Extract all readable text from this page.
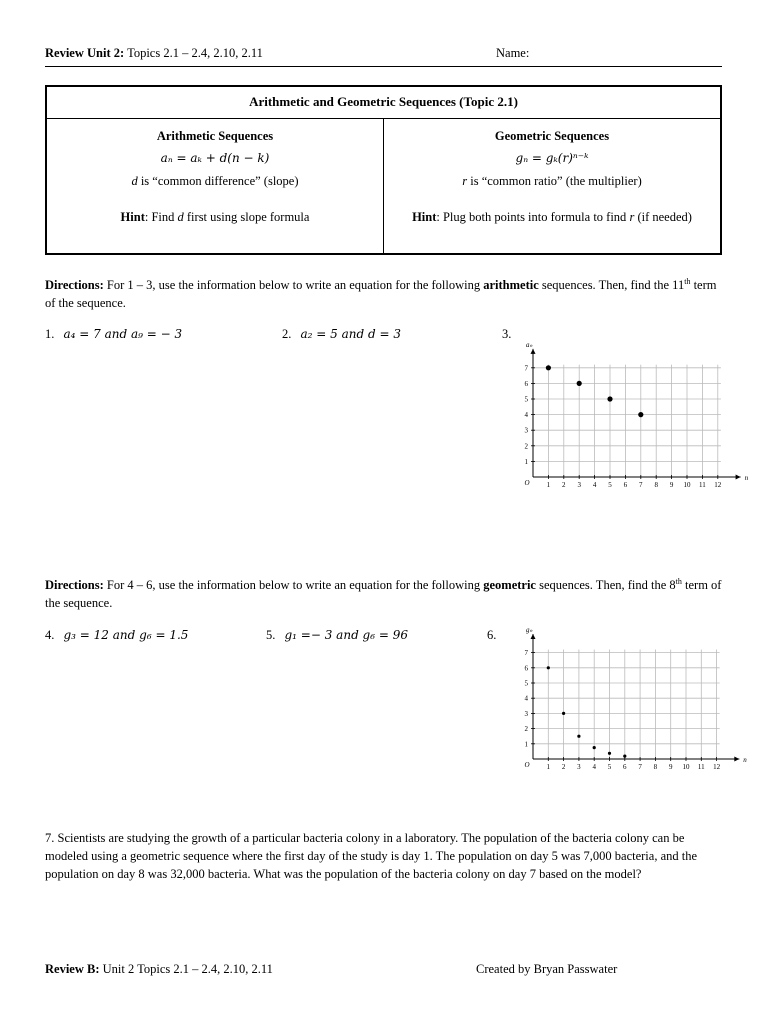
Review Unit 2: Topics 2.1 – 2.4, 2.10, 2.11	Name:
Arithmetic and Geometric Sequences (Topic 2.1)

Arithmetic Sequences
aₙ = aₖ + d(n − k)
d is “common difference” (slope)
Hint: Find d first using slope formula

Geometric Sequences
gₙ = gₖ(r)ⁿ⁻ᵏ
r is “common ratio” (the multiplier)
Hint: Plug both points into formula to find r (if needed)
Directions: For 1 – 3, use the information below to write an equation for the following arithmetic sequences. Then, find the 11th term of the sequence.
1. a₄ = 7 and a₉ = − 3	2. a₂ = 5 and d = 3	3.
1 2 3 4 5 6 7 8 9 10 11 12
1
2
3
4
5
6
7
O
n
aₙ
Directions: For 4 – 6, use the information below to write an equation for the following geometric sequences. Then, find the 8th term of the sequence.
4. g₃ = 12 and g₆ = 1.5	5. g₁ =− 3 and g₆ = 96	6.
1 2 3 4 5 6 7 8 9 10 11 12
1
2
3
4
5
6
7
O
n
gₙ
7. Scientists are studying the growth of a particular bacteria colony in a laboratory. The population of the bacteria colony can be modeled using a geometric sequence where the first day of the study is day 1. The population on day 5 was 7,000 bacteria, and the population on day 8 was 32,000 bacteria. What was the population of the bacteria colony on day 7 based on the model?
Review B: Unit 2 Topics 2.1 – 2.4, 2.10, 2.11	Created by Bryan Passwater
